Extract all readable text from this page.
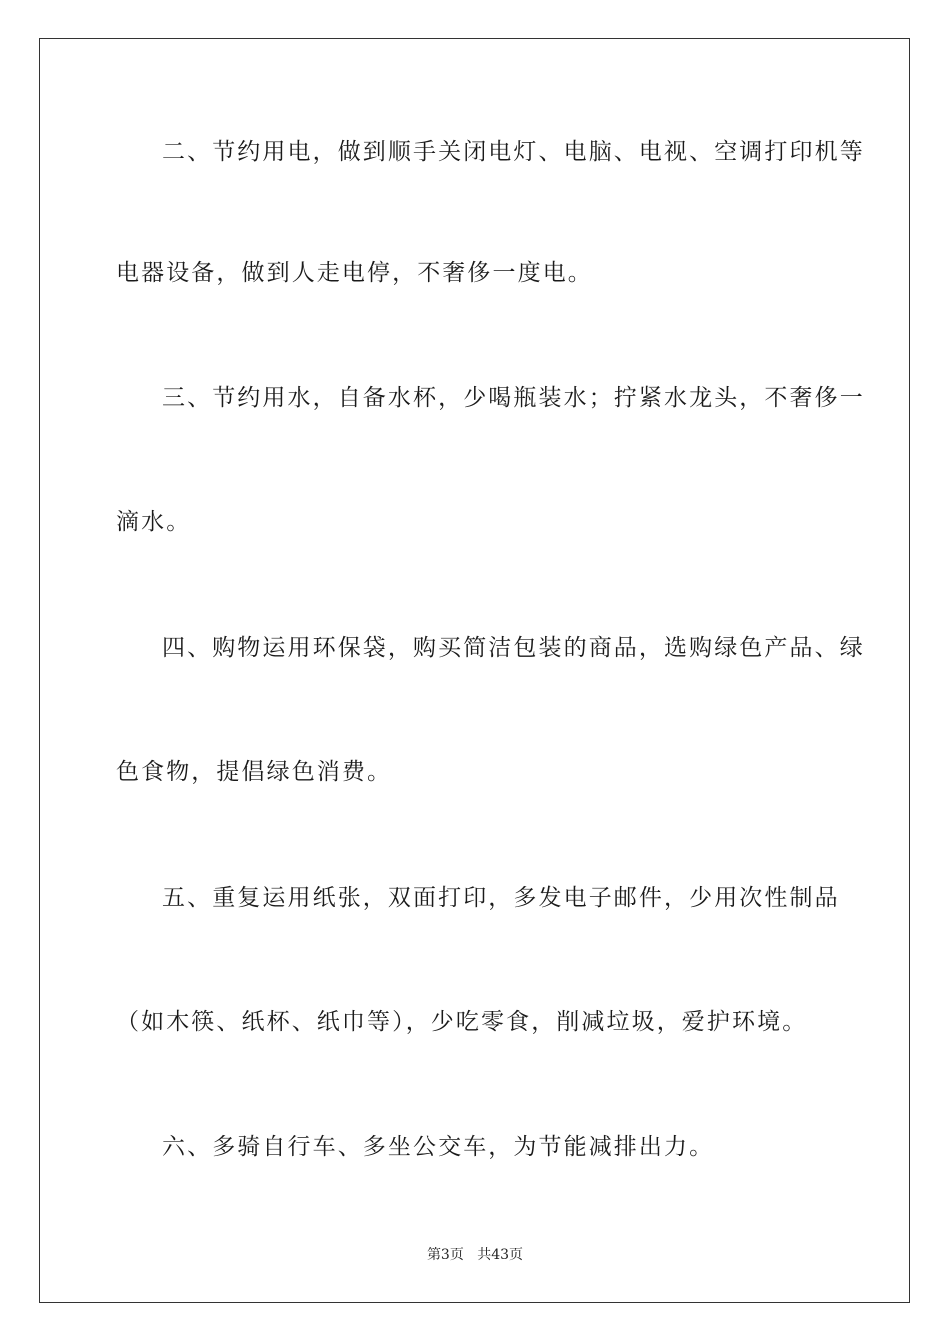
二、节约用电，做到顺手关闭电灯、电脑、电视、空调打印机等
电器设备，做到人走电停，不奢侈一度电。
三、节约用水，自备水杯，少喝瓶装水；拧紧水龙头，不奢侈一
滴水。
四、购物运用环保袋，购买简洁包装的商品，选购绿色产品、绿
色食物，提倡绿色消费。
五、重复运用纸张，双面打印，多发电子邮件，少用次性制品
（如木筷、纸杯、纸巾等），少吃零食，削减垃圾，爱护环境。
六、多骑自行车、多坐公交车，为节能减排出力。
第3页 共43页
